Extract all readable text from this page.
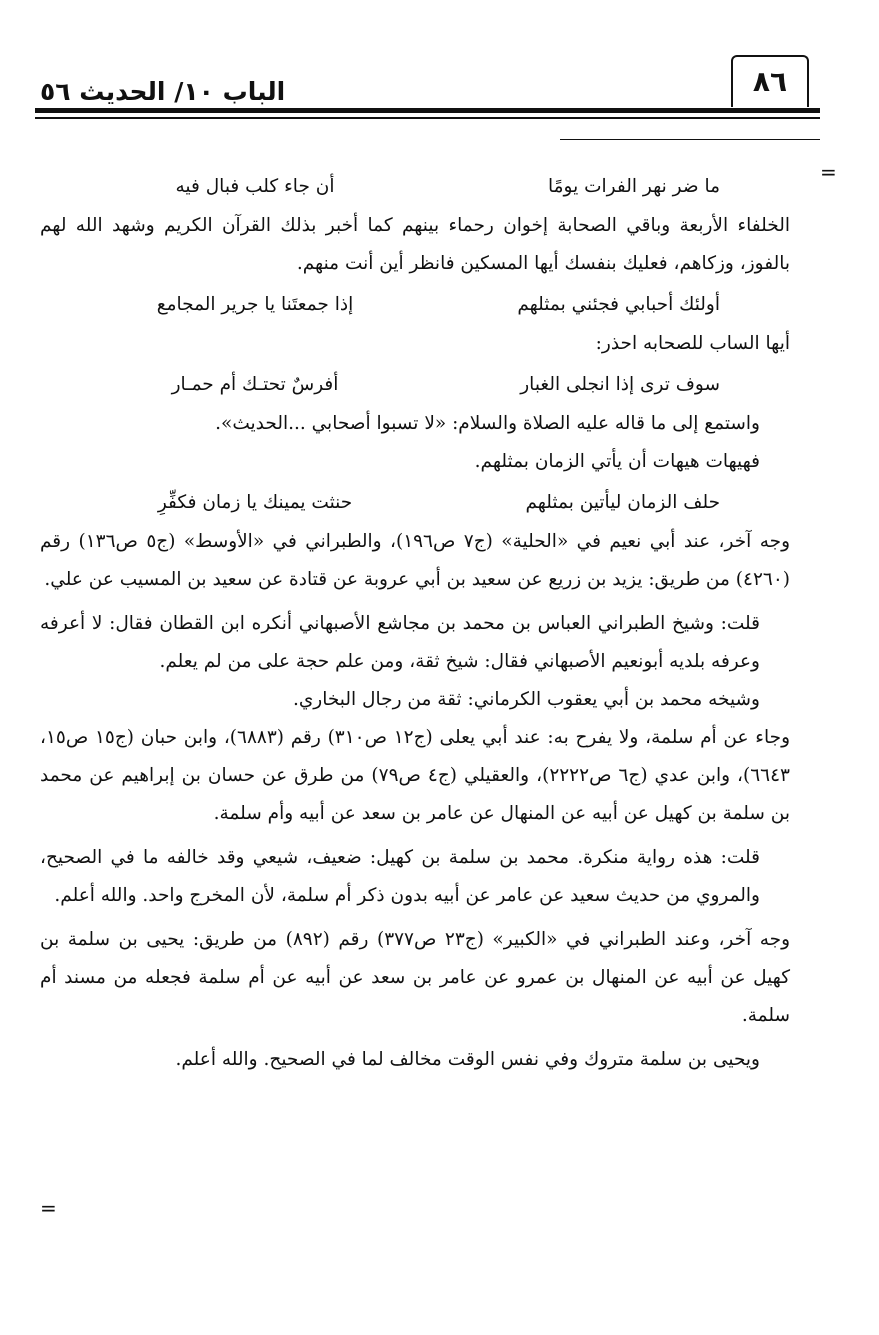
الباب ١٠/ الحديث ٥٦	٨٦
=
=
ما ضر نهر الفرات يومًا
أن جاء كلب فبال فيه

الخلفاء الأربعة وباقي الصحابة إخوان رحماء بينهم كما أخبر بذلك القرآن الكريم وشهد الله لهم بالفوز، وزكاهم، فعليك بنفسك أيها المسكين فانظر أين أنت منهم.

أولئك أحبابي فجئني بمثلهم
إذا جمعتَنا يا جرير المجامع

أيها الساب للصحابه احذر:

سوف ترى إذا انجلى الغبار
أفرسٌ تحتـك أم حمـار

واستمع إلى ما قاله عليه الصلاة والسلام: «لا تسبوا أصحابي ...الحديث».

فهيهات هيهات أن يأتي الزمان بمثلهم.

حلف الزمان ليأتين بمثلهم
حنثت يمينك يا زمان فكفِّرِ

وجه آخر، عند أبي نعيم في «الحلية» (ج٧ ص١٩٦)، والطبراني في «الأوسط» (ج٥ ص١٣٦) رقم (٤٢٦٠) من طريق: يزيد بن زريع عن سعيد بن أبي عروبة عن قتادة عن سعيد بن المسيب عن علي.

قلت: وشيخ الطبراني العباس بن محمد بن مجاشع الأصبهاني أنكره ابن القطان فقال: لا أعرفه وعرفه بلديه أبونعيم الأصبهاني فقال: شيخ ثقة، ومن علم حجة على من لم يعلم.

وشيخه محمد بن أبي يعقوب الكرماني: ثقة من رجال البخاري.

وجاء عن أم سلمة، ولا يفرح به: عند أبي يعلى (ج١٢ ص٣١٠) رقم (٦٨٨٣)، وابن حبان (ج١٥ ص١٥، ٦٦٤٣)، وابن عدي (ج٦ ص٢٢٢٢)، والعقيلي (ج٤ ص٧٩) من طرق عن حسان بن إبراهيم عن محمد بن سلمة بن كهيل عن أبيه عن المنهال عن عامر بن سعد عن أبيه وأم سلمة.

قلت: هذه رواية منكرة. محمد بن سلمة بن كهيل: ضعيف، شيعي وقد خالفه ما في الصحيح، والمروي من حديث سعيد عن عامر عن أبيه بدون ذكر أم سلمة، لأن المخرج واحد. والله أعلم.

وجه آخر، وعند الطبراني في «الكبير» (ج٢٣ ص٣٧٧) رقم (٨٩٢) من طريق: يحيى بن سلمة بن كهيل عن أبيه عن المنهال بن عمرو عن عامر بن سعد عن أبيه عن أم سلمة فجعله من مسند أم سلمة.

ويحيى بن سلمة متروك وفي نفس الوقت مخالف لما في الصحيح. والله أعلم.
